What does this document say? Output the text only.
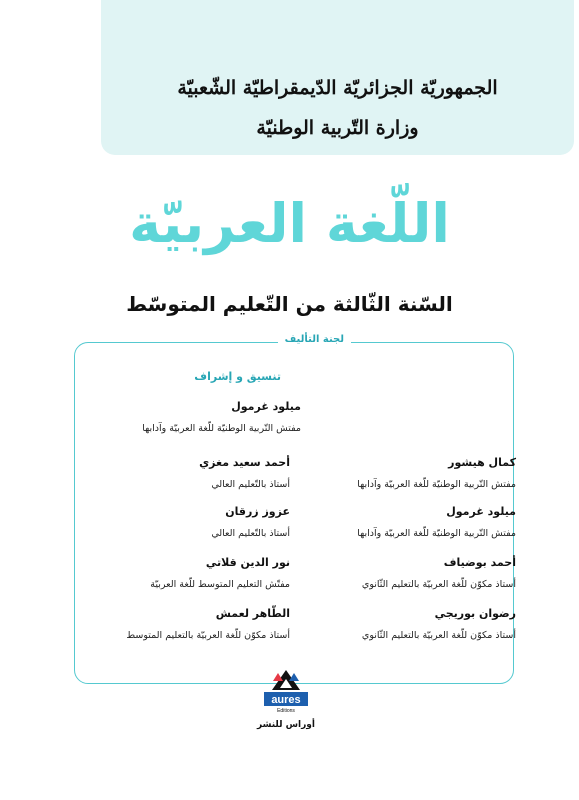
الجمهوريّة الجزائريّة الدّيمقراطيّة الشّعبيّة
وزارة التّربية الوطنيّة
اللّغة العربيّة
السّنة الثّالثة من التّعليم المتوسّط
لجنة التأليف
تنسيق و إشراف
ميلود غرمول
مفتش التّربية الوطنيّة للّغة العربيّة وآدابها
كمال هيشور
مفتش التّربية الوطنيّة للّغة العربيّة وآدابها
ميلود غرمول
مفتش التّربية الوطنيّة للّغة العربيّة وآدابها
أحمد بوضياف
أستاذ مكوّن للّغة العربيّة بالتعليم الثّانوي
رضوان بوريجي
أستاذ مكوّن للّغة العربيّة بالتعليم الثّانوي
أحمد سعيد مغزي
أستاذ بالتّعليم العالي
عزوز زرقان
أستاذ بالتّعليم العالي
نور الدين قلاتي
مفتّش التعليم المتوسط للّغة العربيّة
الطّاهر لعمش
أستاذ مكوّن للّغة العربيّة بالتعليم المتوسط
aures
Editions
أوراس للنشر
